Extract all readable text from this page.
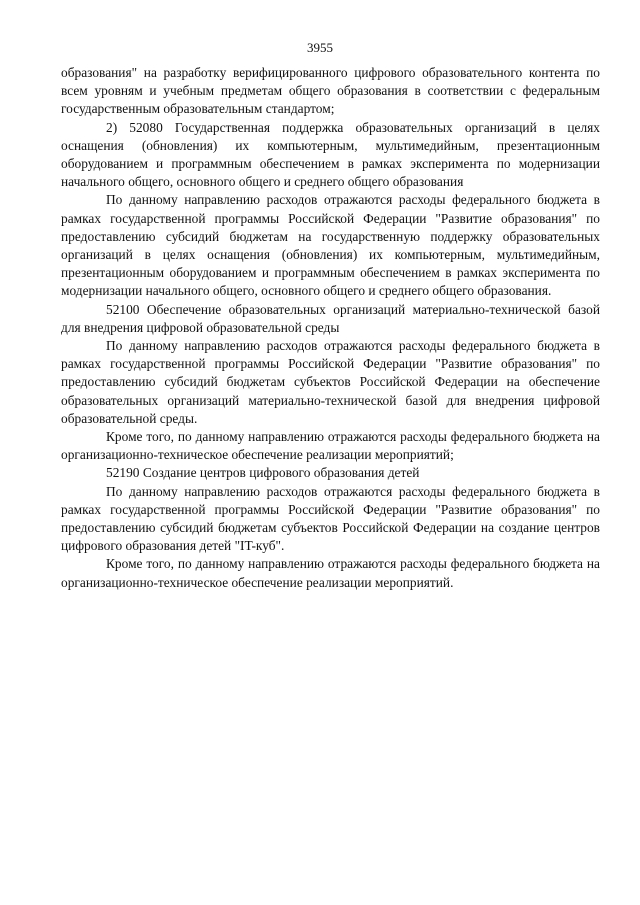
3955

образования" на разработку верифицированного цифрового образовательного контента по всем уровням и учебным предметам общего образования в соответствии с федеральным государственным образовательным стандартом;

2) 52080 Государственная поддержка образовательных организаций в целях оснащения (обновления) их компьютерным, мультимедийным, презентационным оборудованием и программным обеспечением в рамках эксперимента по модернизации начального общего, основного общего и среднего общего образования

По данному направлению расходов отражаются расходы федерального бюджета в рамках государственной программы Российской Федерации "Развитие образования" по предоставлению субсидий бюджетам на государственную поддержку образовательных организаций в целях оснащения (обновления) их компьютерным, мультимедийным, презентационным оборудованием и программным обеспечением в рамках эксперимента по модернизации начального общего, основного общего и среднего общего образования.

52100 Обеспечение образовательных организаций материально-технической базой для внедрения цифровой образовательной среды

По данному направлению расходов отражаются расходы федерального бюджета в рамках государственной программы Российской Федерации "Развитие образования" по предоставлению субсидий бюджетам субъектов Российской Федерации на обеспечение образовательных организаций материально-технической базой для внедрения цифровой образовательной среды.

Кроме того, по данному направлению отражаются расходы федерального бюджета на организационно-техническое обеспечение реализации мероприятий;

52190 Создание центров цифрового образования детей

По данному направлению расходов отражаются расходы федерального бюджета в рамках государственной программы Российской Федерации "Развитие образования" по предоставлению субсидий бюджетам субъектов Российской Федерации на создание центров цифрового образования детей "IT-куб".

Кроме того, по данному направлению отражаются расходы федерального бюджета на организационно-техническое обеспечение реализации мероприятий.
